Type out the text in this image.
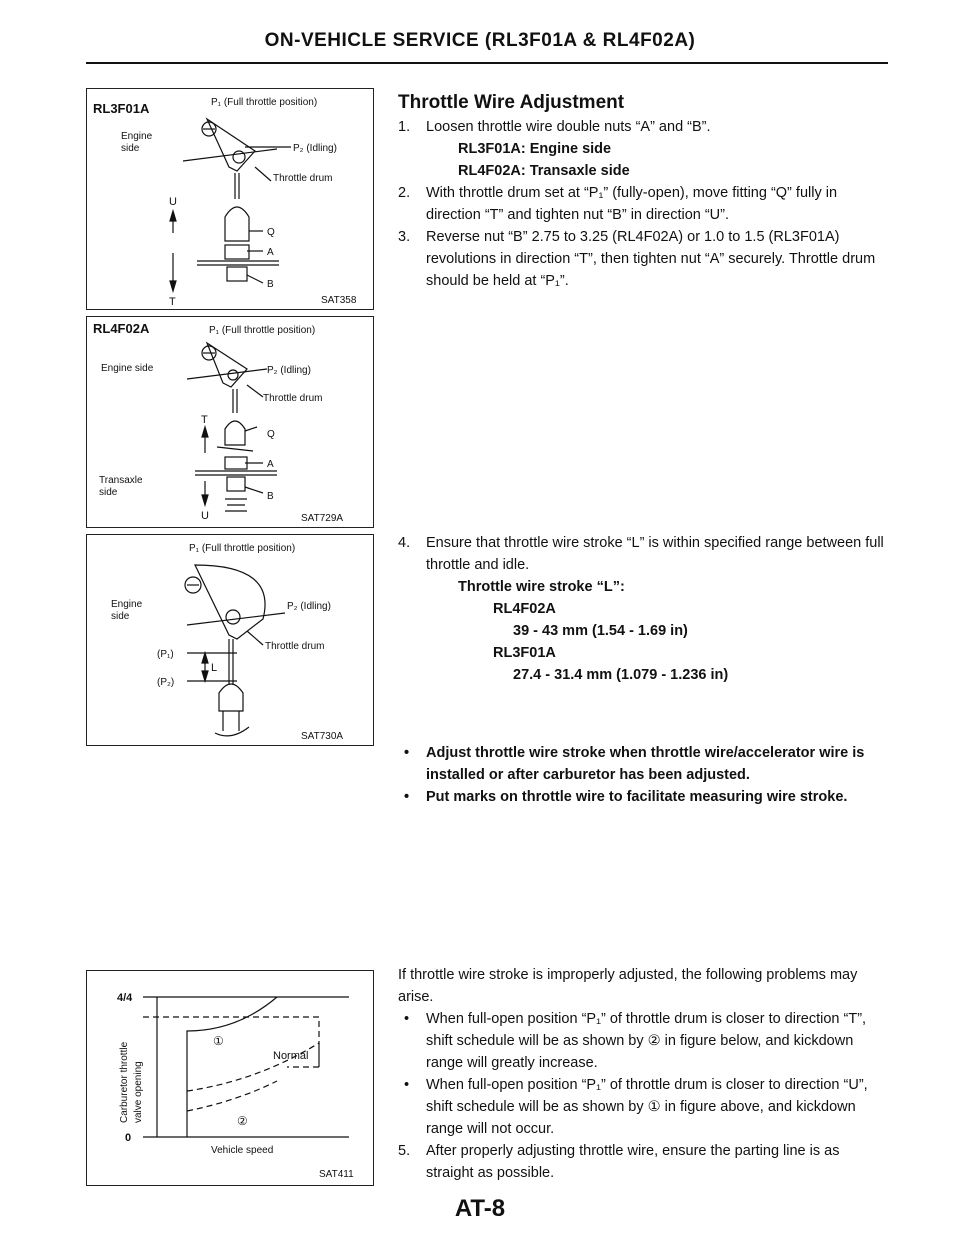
ON-VEHICLE SERVICE (RL3F01A & RL4F02A)
RL3F01A	P₁ (Full throttle position)
Engine
side	P₂ (Idling)
Throttle drum
Q
A
B
U
T	SAT358
RL4F02A	P₁ (Full throttle position)
Engine side	P₂ (Idling)
Throttle drum
Q
A
B
T
U
Transaxle
side
SAT729A
P₁ (Full throttle position)
Engine
side
P₂ (Idling)
Throttle drum
(P₁)
(P₂)
L
SAT730A
4/4
0
Carburetor throttle valve opening
①
Normal
②
Vehicle speed
SAT411
Throttle Wire Adjustment
1. Loosen throttle wire double nuts “A” and “B”.
RL3F01A: Engine side
RL4F02A: Transaxle side
2. With throttle drum set at “P₁” (fully-open), move fitting “Q” fully in direction “T” and tighten nut “B” in direction “U”.
3. Reverse nut “B” 2.75 to 3.25 (RL4F02A) or 1.0 to 1.5 (RL3F01A) revolutions in direction “T”, then tighten nut “A” securely. Throttle drum should be held at “P₁”.
4. Ensure that throttle wire stroke “L” is within specified range between full throttle and idle.
Throttle wire stroke “L”:
RL4F02A
39 - 43 mm (1.54 - 1.69 in)
RL3F01A
27.4 - 31.4 mm (1.079 - 1.236 in)
• Adjust throttle wire stroke when throttle wire/accelerator wire is installed or after carburetor has been adjusted.
• Put marks on throttle wire to facilitate measuring wire stroke.
If throttle wire stroke is improperly adjusted, the following problems may arise.
• When full-open position “P₁” of throttle drum is closer to direction “T”, shift schedule will be as shown by ② in figure below, and kickdown range will greatly increase.
• When full-open position “P₁” of throttle drum is closer to direction “U”, shift schedule will be as shown by ① in figure above, and kickdown range will not occur.
5. After properly adjusting throttle wire, ensure the parting line is as straight as possible.
AT-8
